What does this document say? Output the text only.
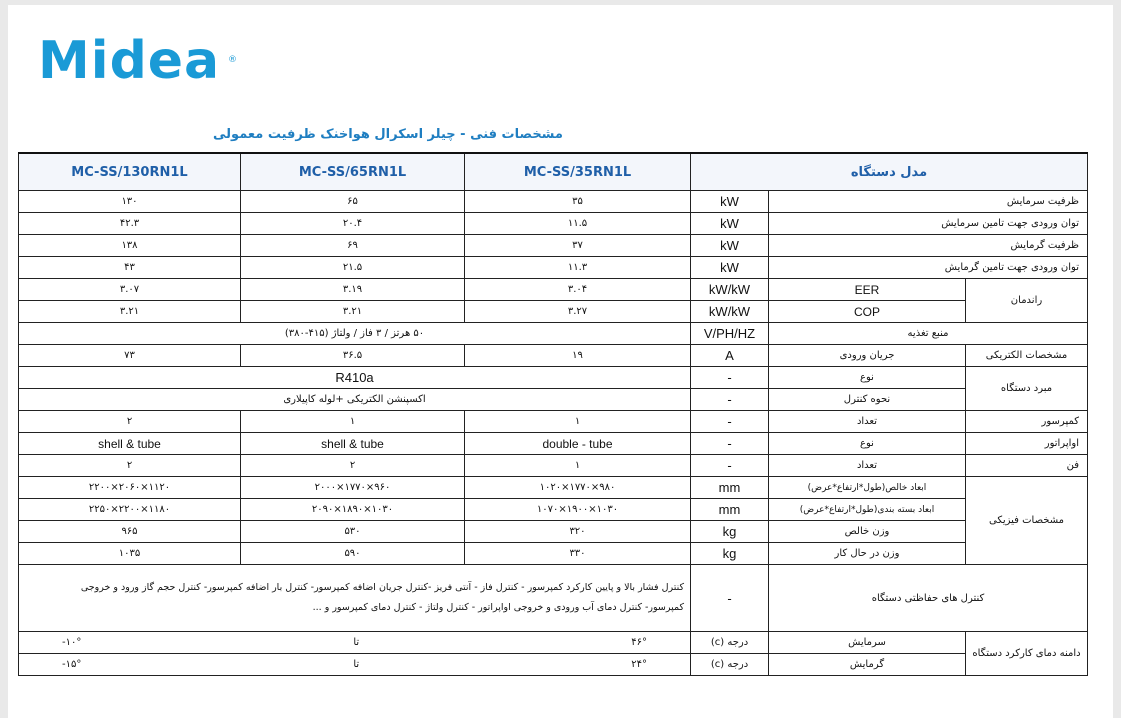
Midea ®
مشخصات فنی - چیلر اسکرال هواخنک ظرفیت معمولی
MC-SS/130RN1L	MC-SS/65RN1L	MC-SS/35RN1L	مدل دستگاه		
۱۳۰	۶۵	۳۵	kW	ظرفیت سرمایش	
۴۲.۳	۲۰.۴	۱۱.۵	kW	توان ورودی جهت تامین سرمایش	
۱۳۸	۶۹	۳۷	kW	ظرفیت گرمایش	
۴۳	۲۱.۵	۱۱.۳	kW	توان ورودی جهت تامین گرمایش	
۳.۰۷	۳.۱۹	۳.۰۴	kW/kW	EER	راندمان
۳.۲۱	۳.۲۱	۳.۲۷	kW/kW	COP	
۵۰ هرتز / ۳ فاز / ولتاژ (۴۱۵-۳۸۰)			V/PH/HZ	منبع تغذیه	
۷۳	۳۶.۵	۱۹	A	جریان ورودی	مشخصات الکتریکی
R410a			-	نوع	مبرد دستگاه
اکسپنشن الکتریکی +لوله کاپیلاری			-	نحوه کنترل	
۲	۱	۱	-	تعداد	کمپرسور
shell & tube	shell & tube	double - tube	-	نوع	اواپراتور
۲	۲	۱	-	تعداد	فن
۲۲۰۰×۲۰۶۰×۱۱۲۰	۲۰۰۰×۱۷۷۰×۹۶۰	۱۰۲۰×۱۷۷۰×۹۸۰	mm	ابعاد خالص(طول*ارتفاع*عرض)	مشخصات فیزیکی
۲۲۵۰×۲۲۰۰×۱۱۸۰	۲۰۹۰×۱۸۹۰×۱۰۳۰	۱۰۷۰×۱۹۰۰×۱۰۳۰	mm	ابعاد بسته بندی(طول*ارتفاع*عرض)	
۹۶۵	۵۳۰	۳۲۰	kg	وزن خالص	
۱۰۳۵	۵۹۰	۳۳۰	kg	وزن در حال کار	

کنترل فشار بالا و پایین کارکرد کمپرسور - کنترل فاز - آنتی فریز -کنترل جریان اضافه کمپرسور- کنترل بار اضافه کمپرسور- کنترل حجم گاز ورود و خروجی
کمپرسور- کنترل دمای آب ورودی و خروجی اواپراتور - کنترل ولتاژ - کنترل دمای کمپرسور و ...			-	کنترل های حفاظتی دستگاه	

-۱۰° تا ۴۶°			درجه (c)	سرمایش	دامنه دمای کارکرد دستگاه

-۱۵° تا ۲۴°			درجه (c)	گرمایش	
